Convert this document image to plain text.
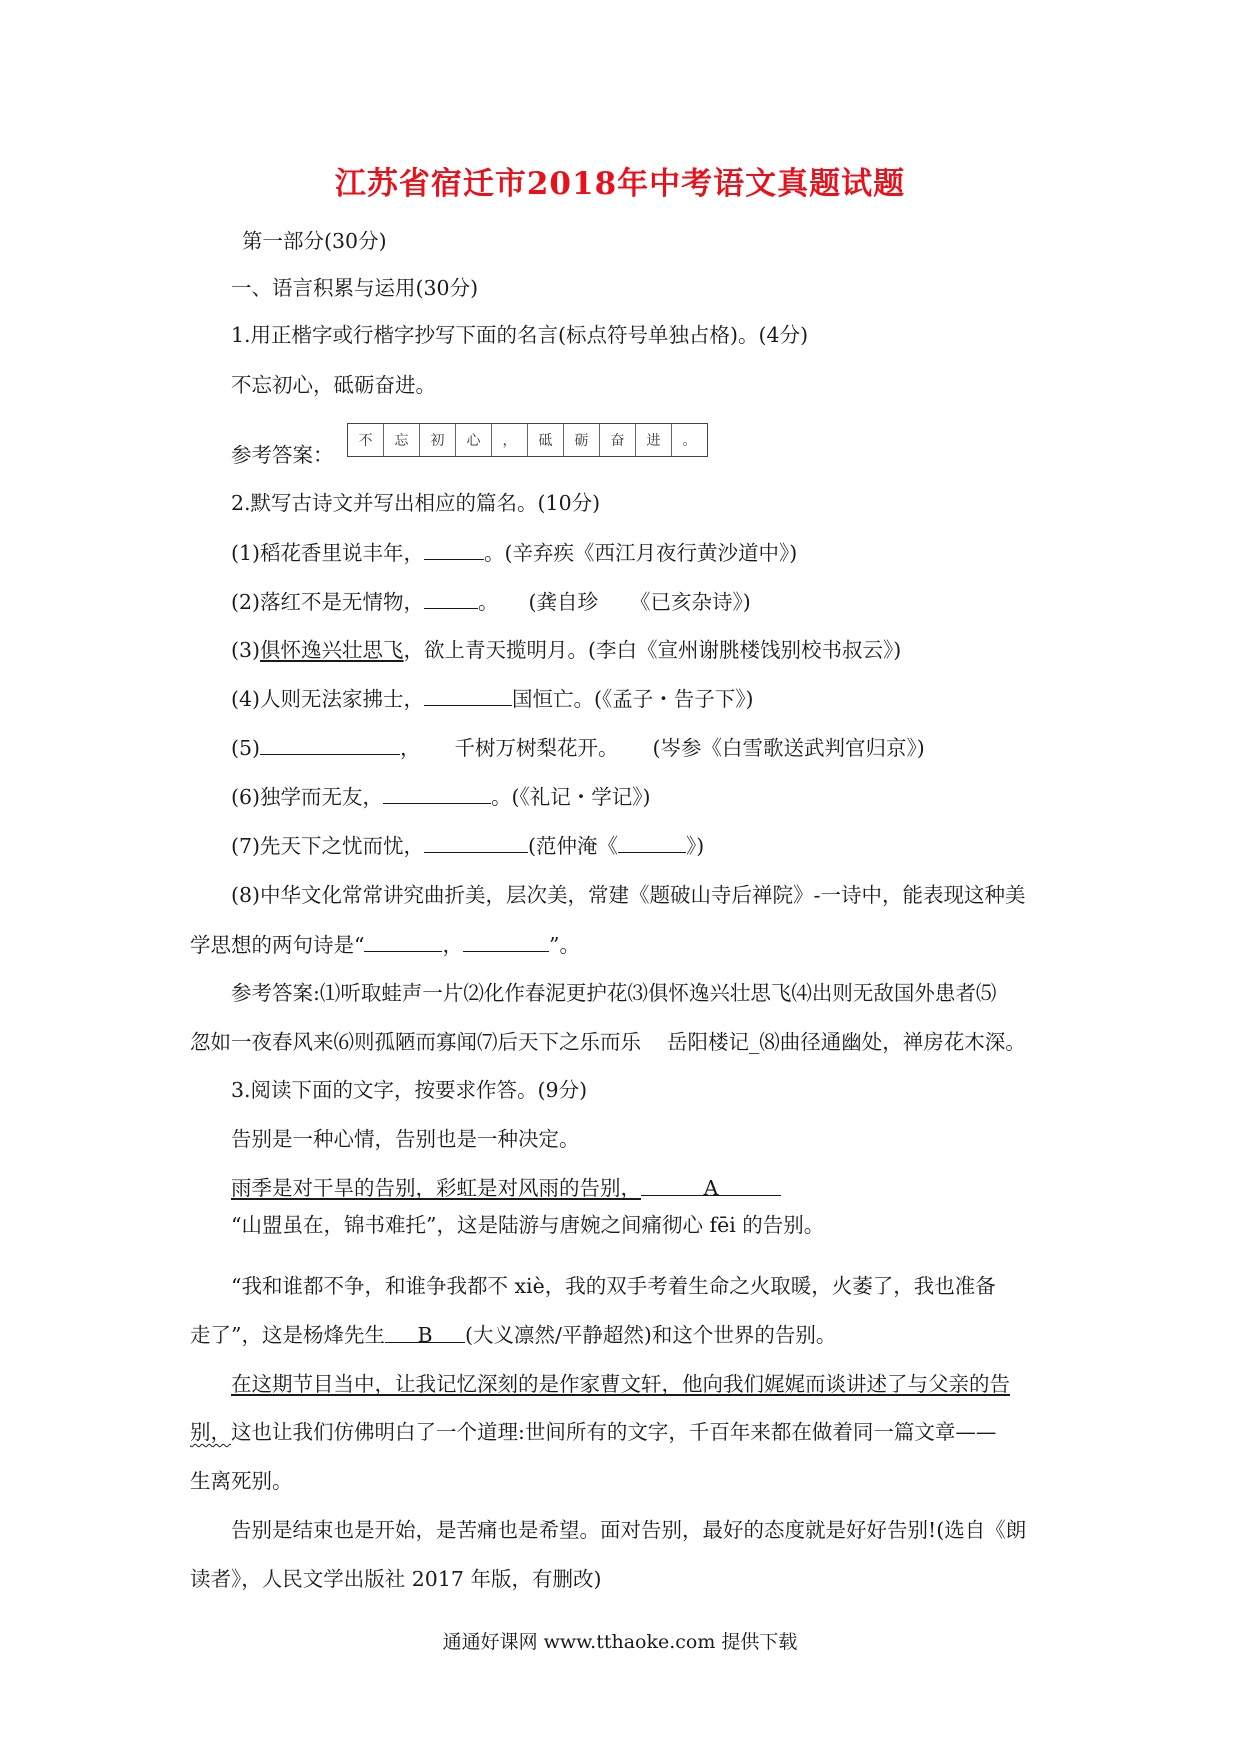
江苏省宿迁市2018年中考语文真题试题
第一部分(30分)
一、语言积累与运用(30分)
1.用正楷字或行楷字抄写下面的名言(标点符号单独占格)。(4分)
不忘初心，砥砺奋进。
参考答案：
不	忘	初	心	，	砥	砺	奋	进	。
2.默写古诗文并写出相应的篇名。(10分)
(1)稻花香里说丰年，	。(辛弃疾《西江月夜行黄沙道中》)
(2)落红不是无情物，	。 (龚自珍 《已亥杂诗》)
(3)俱怀逸兴壮思飞，欲上青天揽明月。(李白《宣州谢朓楼饯别校书叔云》)
(4)人则无法家拂士，	国恒亡。(《孟子・告子下》)
(5)	， 千树万树梨花开。 (岑参《白雪歌送武判官归京》)
(6)独学而无友，	。(《礼记・学记》)
(7)先天下之忧而忧，	(范仲淹《	》)
(8)中华文化常常讲究曲折美，层次美，常建《题破山寺后禅院》-一诗中，能表现这种美
学思想的两句诗是“	，	”。
参考答案:⑴听取蛙声一片⑵化作春泥更护花⑶俱怀逸兴壮思飞⑷出则无敌国外患者⑸
忽如一夜春风来⑹则孤陋而寡闻⑺后天下之乐而乐 岳阳楼记_⑻曲径通幽处，禅房花木深。
3.阅读下面的文字，按要求作答。(9分)
告别是一种心情，告别也是一种决定。
雨季是对干旱的告别，彩虹是对风雨的告别，	A
“山盟虽在，锦书难托”，这是陆游与唐婉之间痛彻心 fēi 的告别。
“我和谁都不争，和谁争我都不 xiè，我的双手考着生命之火取暖，火萎了，我也准备
走了”，这是杨烽先生 B (大义凛然/平静超然)和这个世界的告别。
在这期节目当中，让我记忆深刻的是作家曹文轩，他向我们娓娓而谈讲述了与父亲的告
别，这也让我们仿佛明白了一个道理:世间所有的文字，千百年来都在做着同一篇文章——
生离死别。
告别是结束也是开始，是苦痛也是希望。面对告别，最好的态度就是好好告别!(选自《朗
读者》，人民文学出版社 2017 年版，有删改)
通通好课网 www.tthaoke.com 提供下载
